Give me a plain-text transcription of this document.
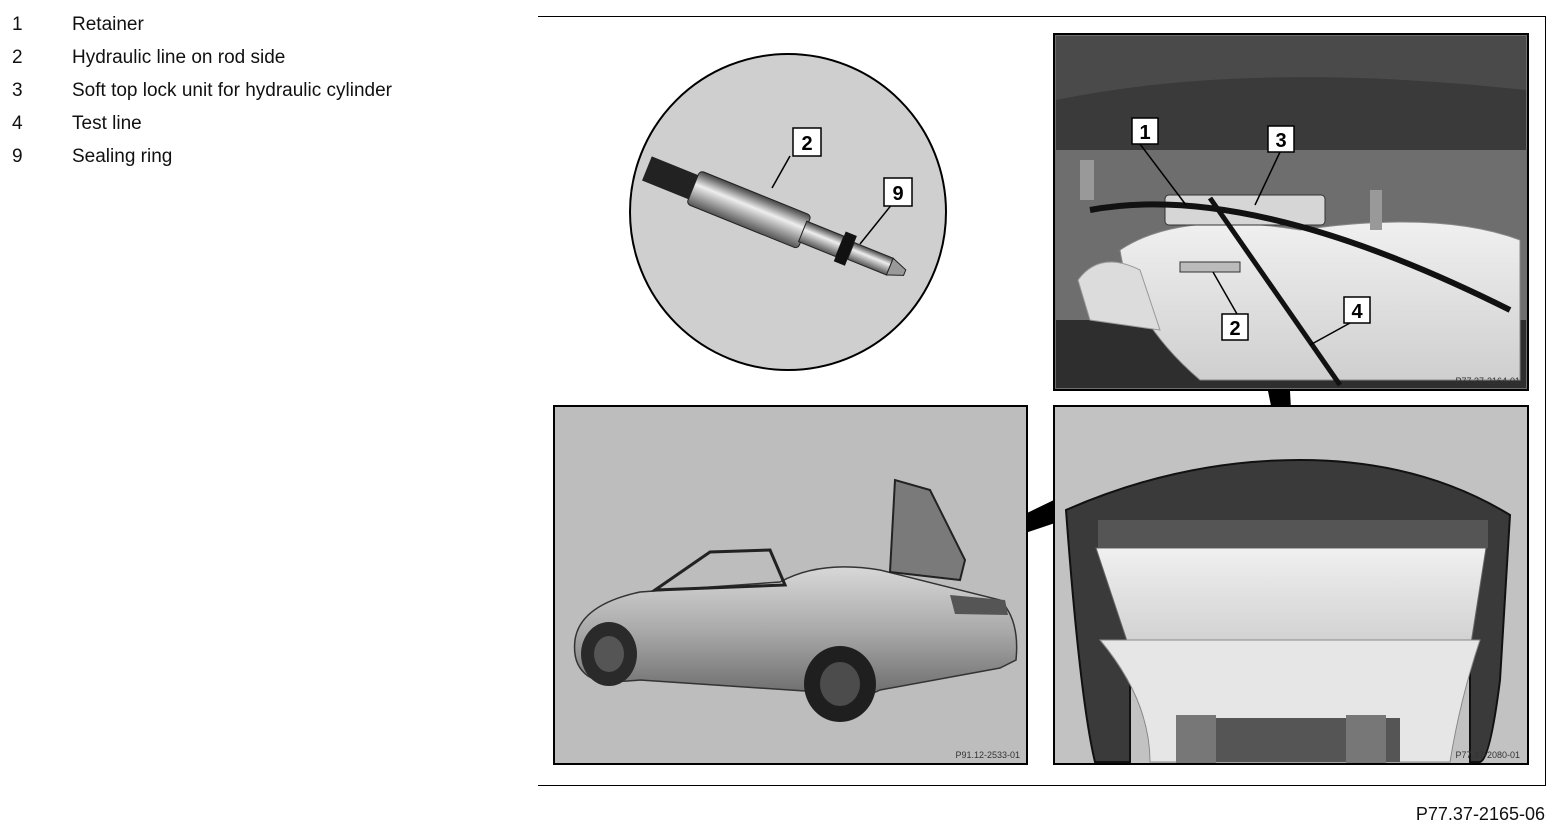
1	Retainer
2	Hydraulic line on rod side
3	Soft top lock unit for hydraulic cylinder
4	Test line
9	Sealing ring
2
9
P77.37-2164-01
1	3
2
4
P91.12-2533-01	P77.37-2080-01
P77.37-2165-06
